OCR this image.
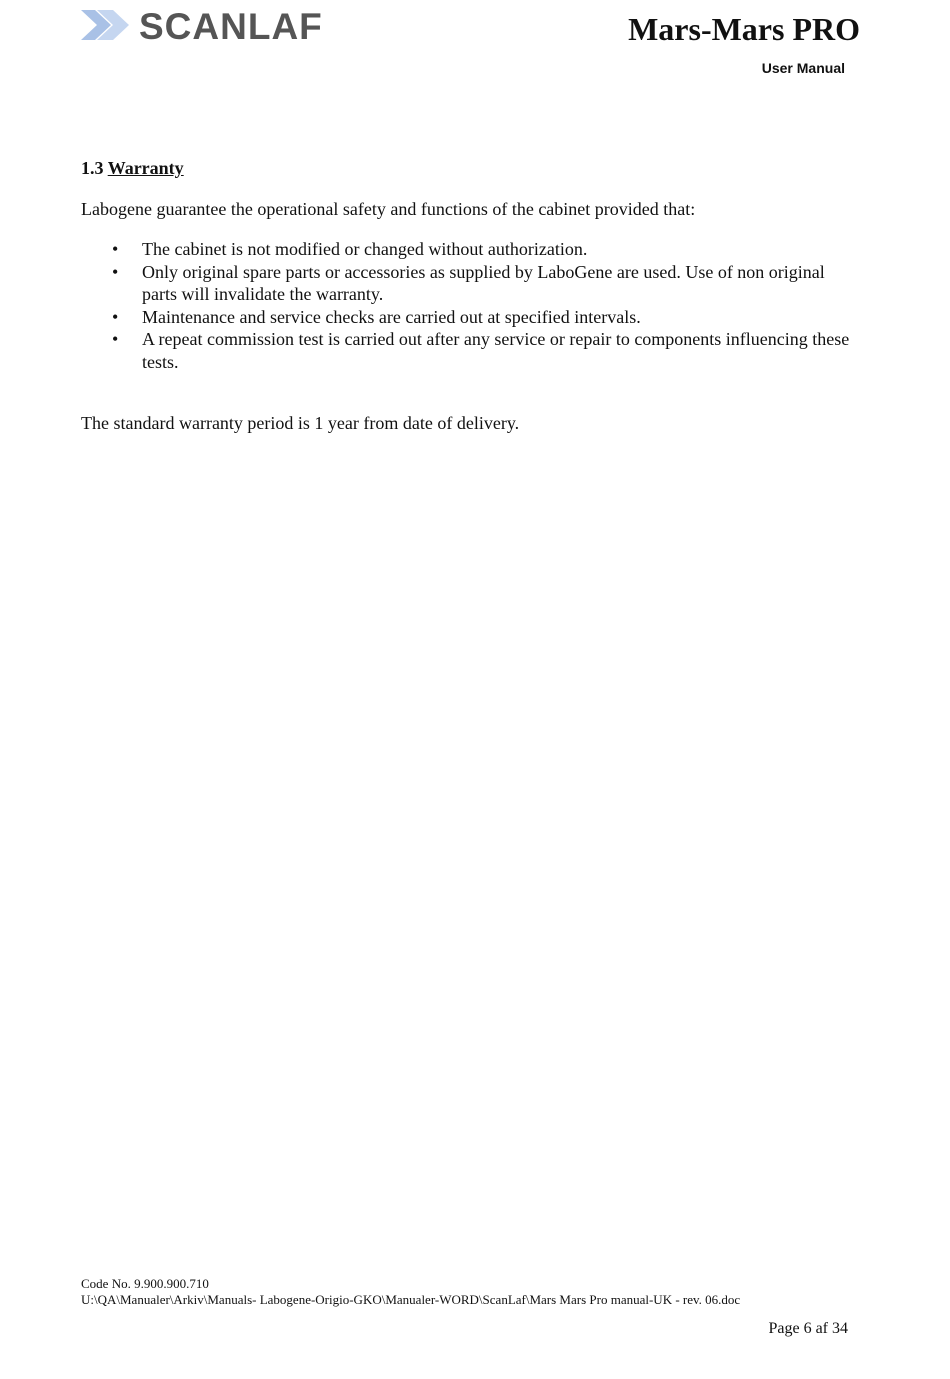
SCANLAF	Mars-Mars PRO
User Manual
1.3 Warranty
Labogene guarantee the operational safety and functions of the cabinet provided that:
• The cabinet is not modified or changed without authorization.
• Only original spare parts or accessories as supplied by LaboGene are used. Use of non original parts will invalidate the warranty.
• Maintenance and service checks are carried out at specified intervals.
• A repeat commission test is carried out after any service or repair to components influencing these tests.
The standard warranty period is 1 year from date of delivery.
Code No. 9.900.900.710
U:\QA\Manualer\Arkiv\Manuals- Labogene-Origio-GKO\Manualer-WORD\ScanLaf\Mars Mars Pro manual-UK - rev. 06.doc
Page 6 af 34
